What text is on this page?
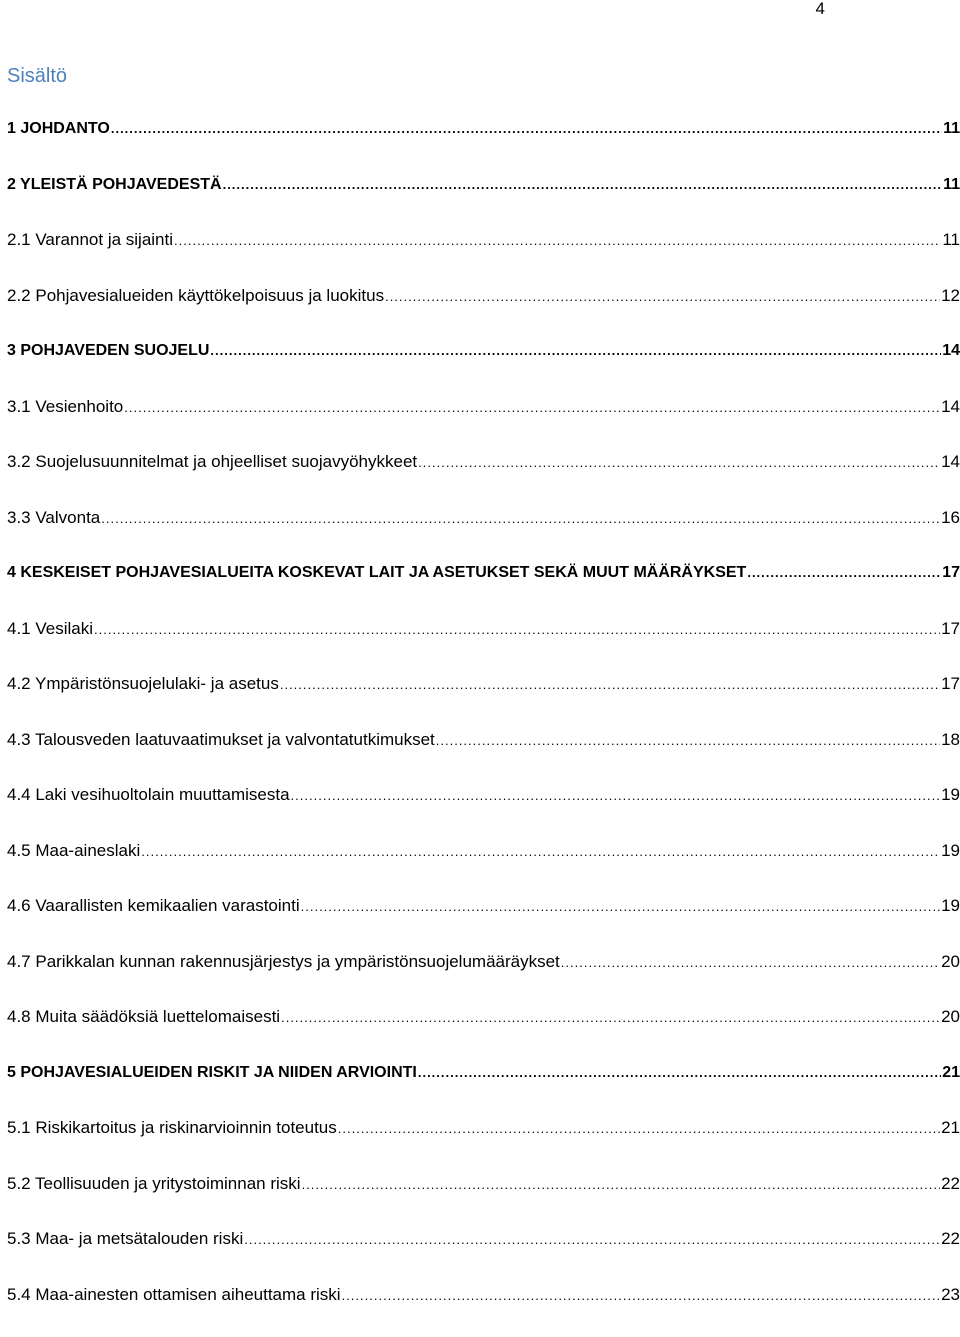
4
Sisältö
1 JOHDANTO .....	11
2 YLEISTÄ POHJAVEDESTÄ .....	11
2.1 Varannot ja sijainti .....	11
2.2 Pohjavesialueiden käyttökelpoisuus ja luokitus .....	12
3 POHJAVEDEN SUOJELU .....	14
3.1 Vesienhoito .....	14
3.2 Suojelusuunnitelmat ja ohjeelliset suojavyöhykkeet .....	14
3.3 Valvonta .....	16
4 KESKEISET POHJAVESIALUEITA KOSKEVAT LAIT JA ASETUKSET SEKÄ MUUT MÄÄRÄYKSET .....	17
4.1 Vesilaki .....	17
4.2 Ympäristönsuojelulaki- ja asetus .....	17
4.3 Talousveden laatuvaatimukset ja valvontatutkimukset .....	18
4.4 Laki vesihuoltolain muuttamisesta .....	19
4.5 Maa-aineslaki .....	19
4.6 Vaarallisten kemikaalien varastointi .....	19
4.7 Parikkalan kunnan rakennusjärjestys ja ympäristönsuojelumääräykset .....	20
4.8 Muita säädöksiä luettelomaisesti .....	20
5 POHJAVESIALUEIDEN RISKIT JA NIIDEN ARVIOINTI .....	21
5.1 Riskikartoitus ja riskinarvioinnin toteutus .....	21
5.2 Teollisuuden ja yritystoiminnan riski .....	22
5.3 Maa- ja metsätalouden riski .....	22
5.4 Maa-ainesten ottamisen aiheuttama riski .....	23
